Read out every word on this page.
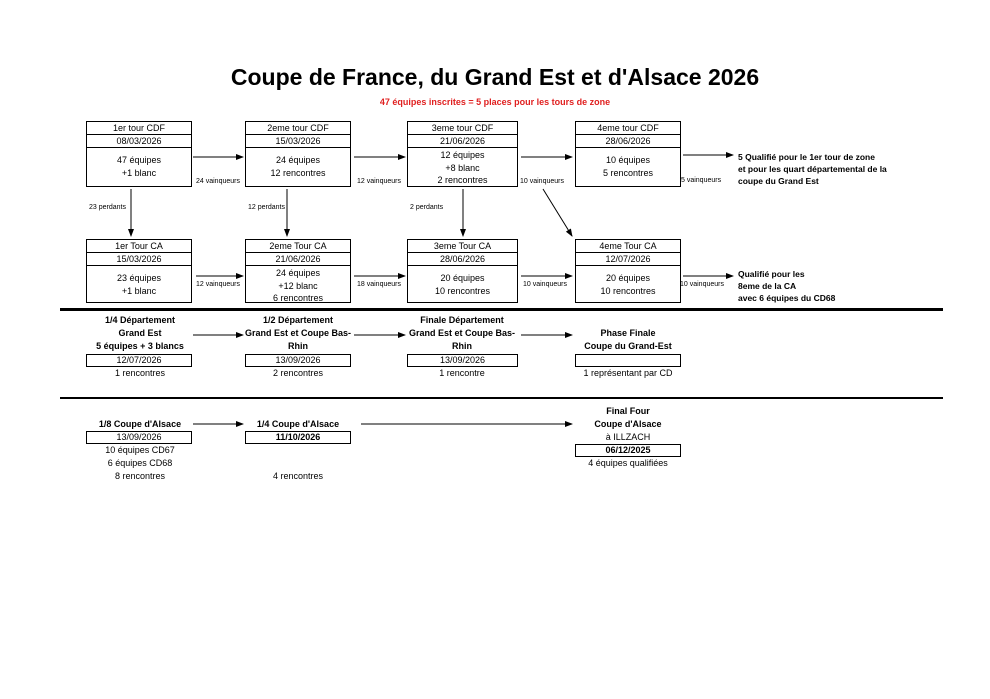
Coupe de France, du Grand Est et d'Alsace 2026
47 équipes inscrites = 5 places pour les tours de zone
1er tour CDF
08/03/2026
47 équipes
+1 blanc
2eme tour CDF
15/03/2026
24 équipes
12 rencontres
3eme tour CDF
21/06/2026
12 équipes
+8 blanc
2 rencontres
4eme tour CDF
28/06/2026
10 équipes
5 rencontres
24 vainqueurs	12 vainqueurs	10 vainqueurs	5 vainqueurs
5 Qualifié pour le 1er tour de zone
et pour les quart départemental de la
coupe du Grand Est
23 perdants	12 perdants	2 perdants
1er Tour CA
15/03/2026
23 équipes
+1 blanc
2eme Tour CA
21/06/2026
24 équipes
+12 blanc
6 rencontres
3eme Tour CA
28/06/2026
20 équipes
10 rencontres
4eme Tour CA
12/07/2026
20 équipes
10 rencontres
12 vainqueurs	18 vainqueurs	10 vainqueurs	10 vainqueurs
Qualifié pour les
8eme de la CA
avec 6 équipes du CD68
1/4 Département
Grand Est
5 équipes + 3 blancs
12/07/2026
1 rencontres
1/2 Département
Grand Est et Coupe Bas-
Rhin
13/09/2026
2 rencontres
Finale Département
Grand Est et Coupe Bas-
Rhin
13/09/2026
1 rencontre
Phase Finale
Coupe du Grand-Est
1 représentant par CD
1/8 Coupe d'Alsace
13/09/2026
10 équipes CD67
6 équipes CD68
8 rencontres
1/4 Coupe d'Alsace
11/10/2026
4 rencontres
Final Four
Coupe d'Alsace
à ILLZACH
06/12/2025
4 équipes qualifiées
